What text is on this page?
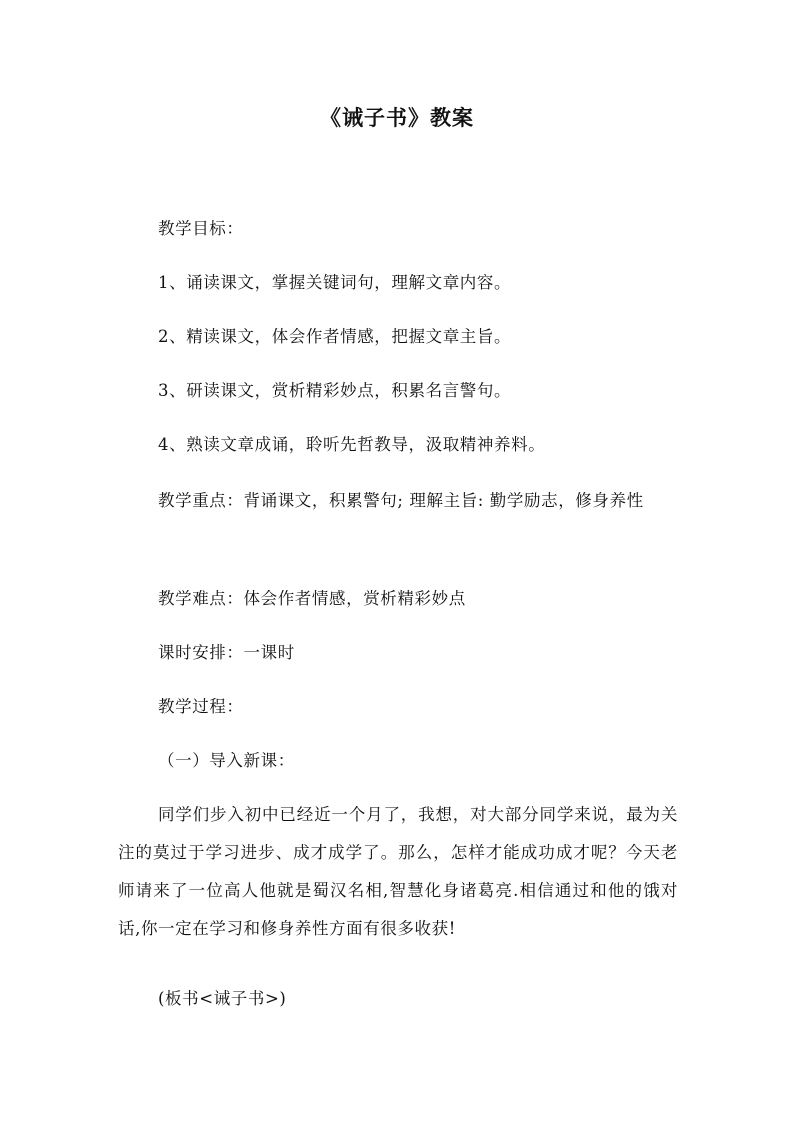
《诫子书》教案

教学目标：

1、诵读课文，掌握关键词句，理解文章内容。

2、精读课文，体会作者情感，把握文章主旨。

3、研读课文，赏析精彩妙点，积累名言警句。

4、熟读文章成诵，聆听先哲教导，汲取精神养料。

教学重点：背诵课文，积累警句; 理解主旨: 勤学励志，修身养性

教学难点：体会作者情感，赏析精彩妙点

课时安排：一课时

教学过程：

（一）导入新课：

同学们步入初中已经近一个月了，我想，对大部分同学来说，最为关注的莫过于学习进步、成才成学了。那么，怎样才能成功成才呢？今天老师请来了一位高人他就是蜀汉名相,智慧化身诸葛亮.相信通过和他的饿对话,你一定在学习和修身养性方面有很多收获!

(板书<诫子书>)
